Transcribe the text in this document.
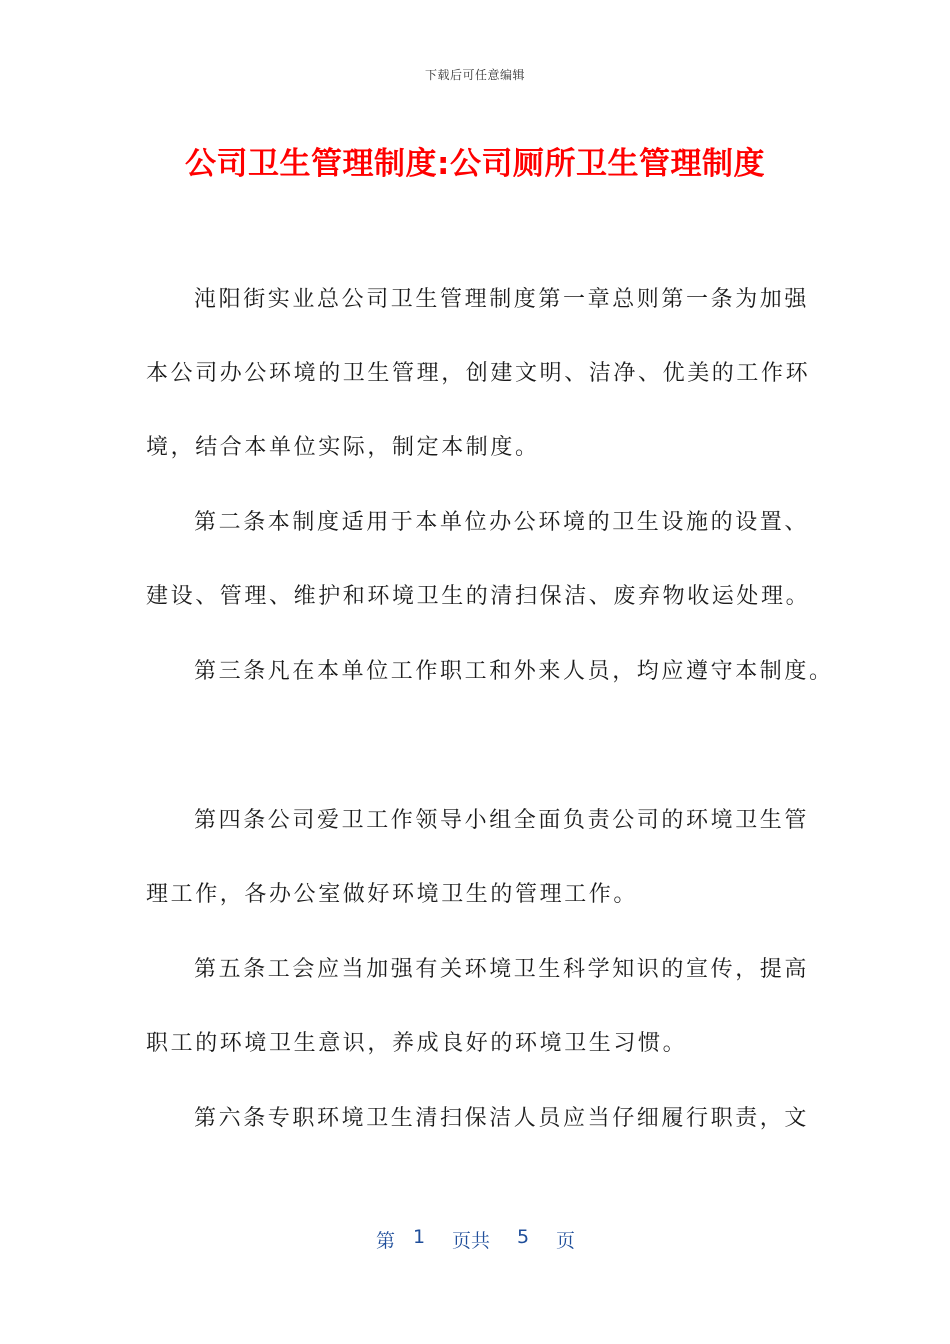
下载后可任意编辑
公司卫生管理制度:公司厕所卫生管理制度
沌阳街实业总公司卫生管理制度第一章总则第一条为加强
本公司办公环境的卫生管理，创建文明、洁净、优美的工作环
境，结合本单位实际，制定本制度。
第二条本制度适用于本单位办公环境的卫生设施的设置、
建设、管理、维护和环境卫生的清扫保洁、废弃物收运处理。
第三条凡在本单位工作职工和外来人员，均应遵守本制度。
第四条公司爱卫工作领导小组全面负责公司的环境卫生管
理工作，各办公室做好环境卫生的管理工作。
第五条工会应当加强有关环境卫生科学知识的宣传，提高
职工的环境卫生意识，养成良好的环境卫生习惯。
第六条专职环境卫生清扫保洁人员应当仔细履行职责，文
第 1 页共 5 页
